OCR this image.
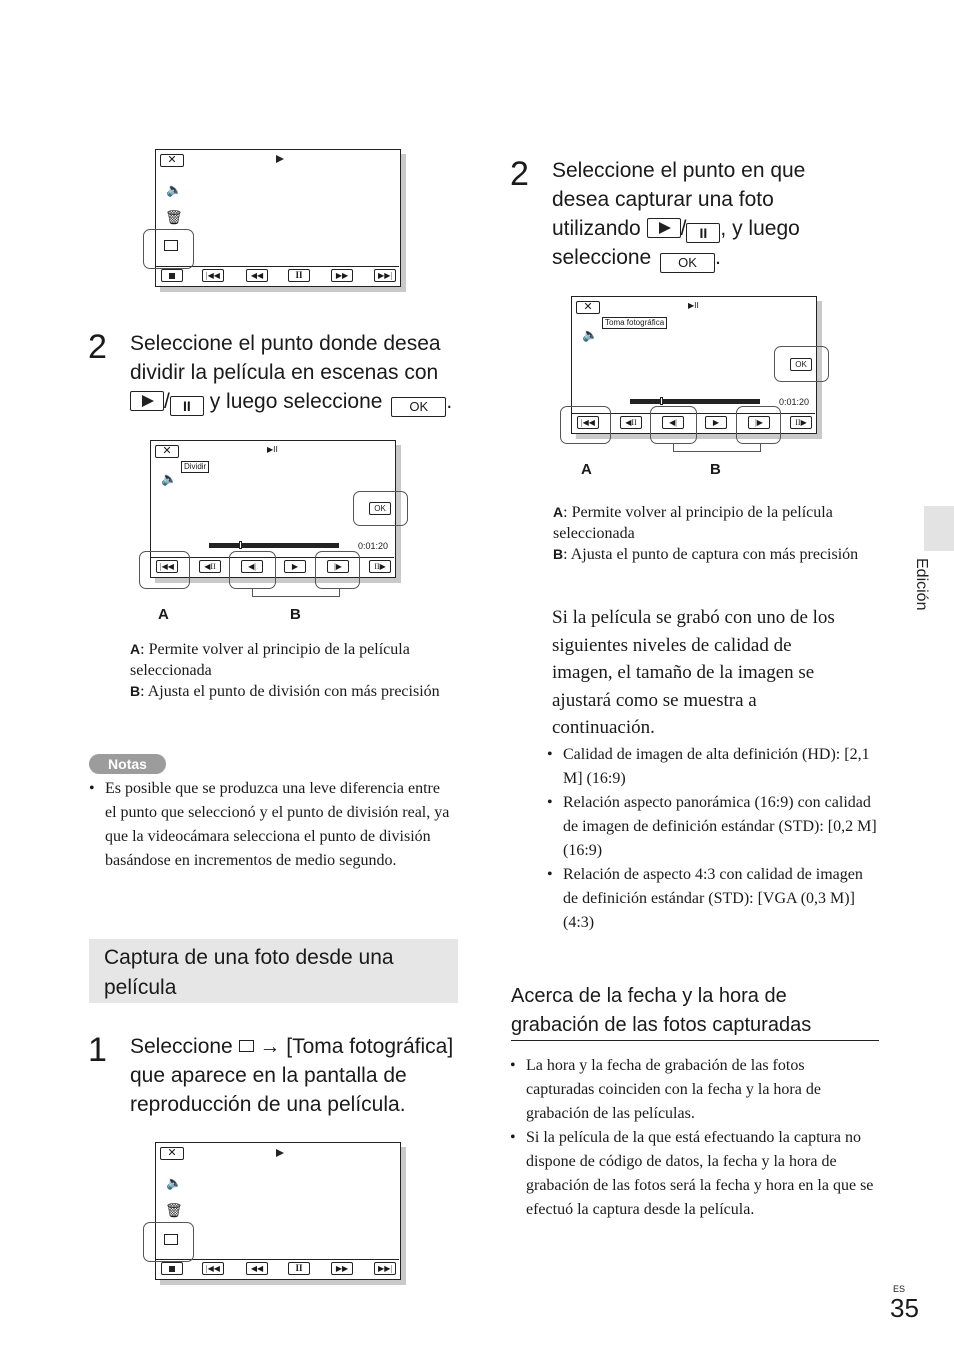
✕
🔈
🗑
|◀◀	◀◀	II	▶▶	▶▶|
2 Seleccione el punto donde desea
dividir la película en escenas con
/ II y luego seleccione OK .
✕	▶II
Dividir
🔈
OK
0:01:20
|◀◀	◀II	◀|	▶	|▶	II▶
A	B
A: Permite volver al principio de la película seleccionada
B: Ajusta el punto de división con más precisión
Notas
• Es posible que se produzca una leve diferencia entre el punto que seleccionó y el punto de división real, ya que la videocámara selecciona el punto de división basándose en incrementos de medio segundo.
Captura de una foto desde una película
1 Seleccione → [Toma fotográfica]
que aparece en la pantalla de
reproducción de una película.
✕
🔈
🗑
|◀◀	◀◀	II	▶▶	▶▶|
2 Seleccione el punto en que
desea capturar una foto
utilizando / II , y luego
seleccione OK .
✕	▶II
Toma fotográfica
🔈
OK
0:01:20
|◀◀	◀II	◀|	▶	|▶	II▶
A	B
A: Permite volver al principio de la película seleccionada
B: Ajusta el punto de captura con más precisión
Si la película se grabó con uno de los siguientes niveles de calidad de imagen, el tamaño de la imagen se ajustará como se muestra a continuación.
• Calidad de imagen de alta definición (HD): [2,1 M] (16:9)
• Relación aspecto panorámica (16:9) con calidad de imagen de definición estándar (STD): [0,2 M] (16:9)
• Relación de aspecto 4:3 con calidad de imagen de definición estándar (STD): [VGA (0,3 M)] (4:3)
Acerca de la fecha y la hora de grabación de las fotos capturadas
• La hora y la fecha de grabación de las fotos capturadas coinciden con la fecha y la hora de grabación de las películas.
• Si la película de la que está efectuando la captura no dispone de código de datos, la fecha y la hora de grabación de las fotos será la fecha y hora en la que se efectuó la captura desde la película.
Edición
ES
35
